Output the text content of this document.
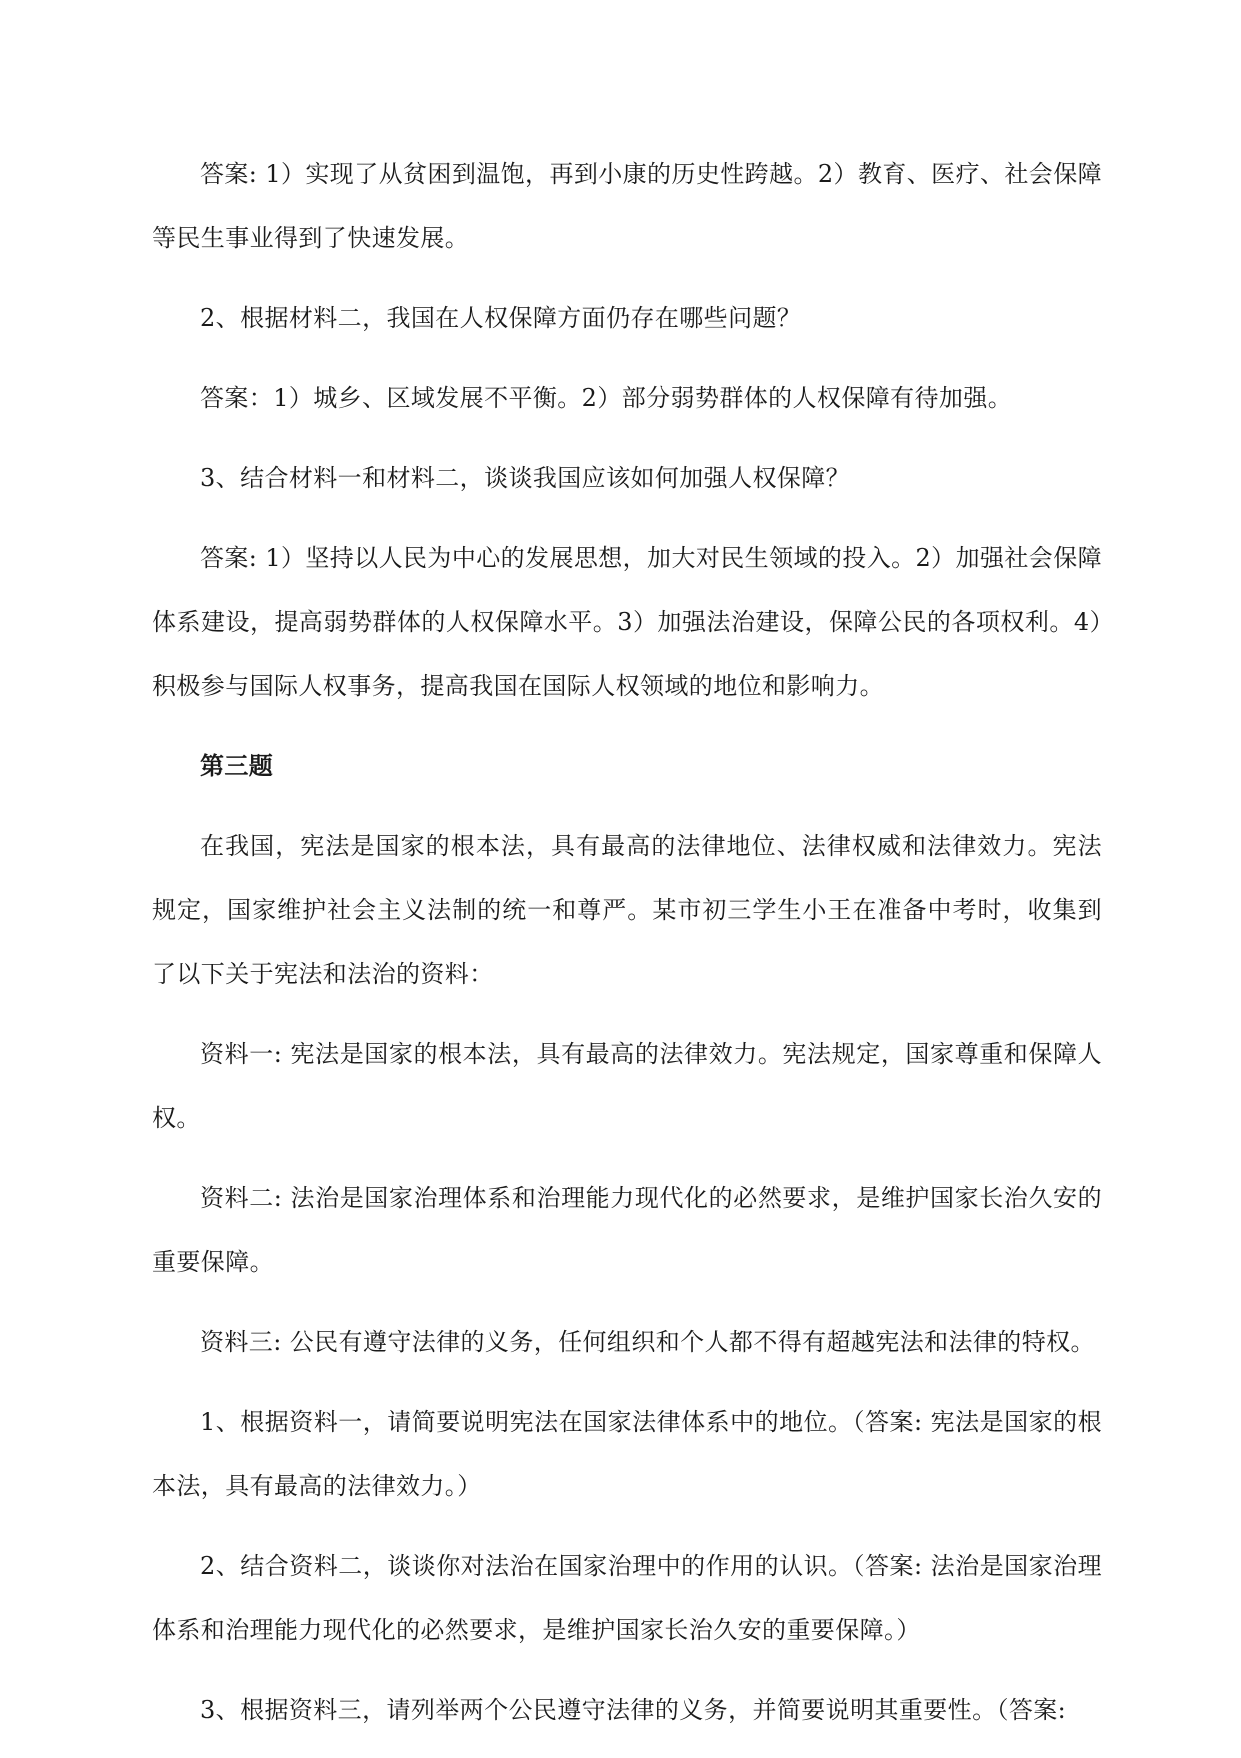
答案: 1）实现了从贫困到温饱，再到小康的历史性跨越。2）教育、医疗、社会保障等民生事业得到了快速发展。

2、根据材料二，我国在人权保障方面仍存在哪些问题？

答案：1）城乡、区域发展不平衡。2）部分弱势群体的人权保障有待加强。

3、结合材料一和材料二，谈谈我国应该如何加强人权保障？

答案: 1）坚持以人民为中心的发展思想，加大对民生领域的投入。2）加强社会保障体系建设，提高弱势群体的人权保障水平。3）加强法治建设，保障公民的各项权利。4）积极参与国际人权事务，提高我国在国际人权领域的地位和影响力。

第三题

在我国，宪法是国家的根本法，具有最高的法律地位、法律权威和法律效力。宪法规定，国家维护社会主义法制的统一和尊严。某市初三学生小王在准备中考时，收集到了以下关于宪法和法治的资料：

资料一: 宪法是国家的根本法，具有最高的法律效力。宪法规定，国家尊重和保障人权。

资料二: 法治是国家治理体系和治理能力现代化的必然要求，是维护国家长治久安的重要保障。

资料三: 公民有遵守法律的义务，任何组织和个人都不得有超越宪法和法律的特权。

1、根据资料一，请简要说明宪法在国家法律体系中的地位。（答案: 宪法是国家的根本法，具有最高的法律效力。）

2、结合资料二，谈谈你对法治在国家治理中的作用的认识。（答案: 法治是国家治理体系和治理能力现代化的必然要求，是维护国家长治久安的重要保障。）

3、根据资料三，请列举两个公民遵守法律的义务，并简要说明其重要性。（答案:
